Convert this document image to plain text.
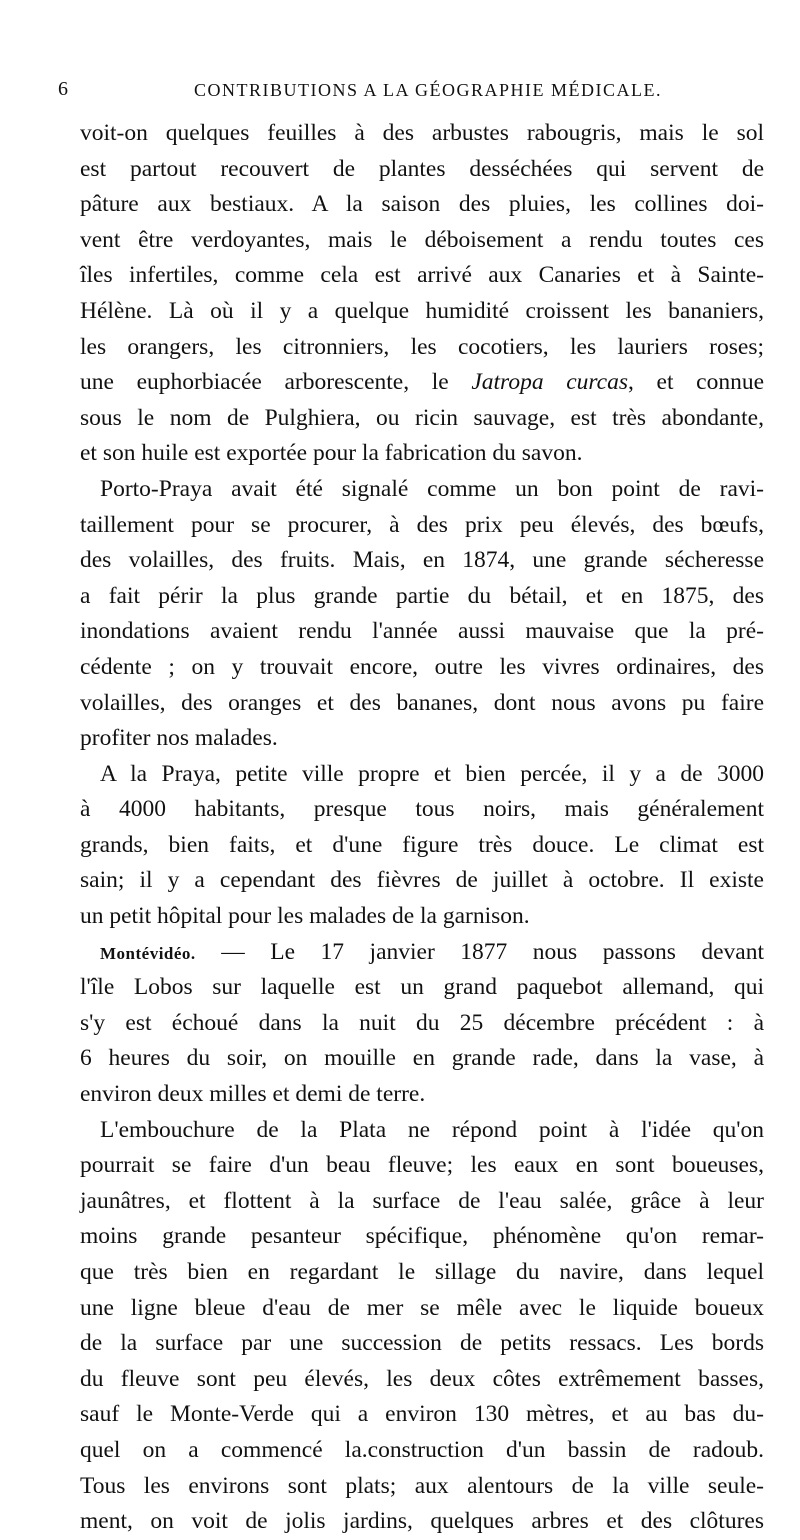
6	CONTRIBUTIONS A LA GÉOGRAPHIE MÉDICALE.
voit-on quelques feuilles à des arbustes rabougris, mais le sol
est partout recouvert de plantes desséchées qui servent de
pâture aux bestiaux. A la saison des pluies, les collines doi-
vent être verdoyantes, mais le déboisement a rendu toutes ces
îles infertiles, comme cela est arrivé aux Canaries et à Sainte-
Hélène. Là où il y a quelque humidité croissent les bananiers,
les orangers, les citronniers, les cocotiers, les lauriers roses;
une euphorbiacée arborescente, le Jatropa curcas, et connue
sous le nom de Pulghiera, ou ricin sauvage, est très abondante,
et son huile est exportée pour la fabrication du savon.
Porto-Praya avait été signalé comme un bon point de ravi-
taillement pour se procurer, à des prix peu élevés, des bœufs,
des volailles, des fruits. Mais, en 1874, une grande sécheresse
a fait périr la plus grande partie du bétail, et en 1875, des
inondations avaient rendu l'année aussi mauvaise que la pré-
cédente ; on y trouvait encore, outre les vivres ordinaires, des
volailles, des oranges et des bananes, dont nous avons pu faire
profiter nos malades.
A la Praya, petite ville propre et bien percée, il y a de 3000
à 4000 habitants, presque tous noirs, mais généralement
grands, bien faits, et d'une figure très douce. Le climat est
sain; il y a cependant des fièvres de juillet à octobre. Il existe
un petit hôpital pour les malades de la garnison.
Montévidéo. — Le 17 janvier 1877 nous passons devant
l'île Lobos sur laquelle est un grand paquebot allemand, qui
s'y est échoué dans la nuit du 25 décembre précédent : à
6 heures du soir, on mouille en grande rade, dans la vase, à
environ deux milles et demi de terre.
L'embouchure de la Plata ne répond point à l'idée qu'on
pourrait se faire d'un beau fleuve; les eaux en sont boueuses,
jaunâtres, et flottent à la surface de l'eau salée, grâce à leur
moins grande pesanteur spécifique, phénomène qu'on remar-
que très bien en regardant le sillage du navire, dans lequel
une ligne bleue d'eau de mer se mêle avec le liquide boueux
de la surface par une succession de petits ressacs. Les bords
du fleuve sont peu élevés, les deux côtes extrêmement basses,
sauf le Monte-Verde qui a environ 130 mètres, et au bas du-
quel on a commencé la.construction d'un bassin de radoub.
Tous les environs sont plats; aux alentours de la ville seule-
ment, on voit de jolis jardins, quelques arbres et des clôtures
